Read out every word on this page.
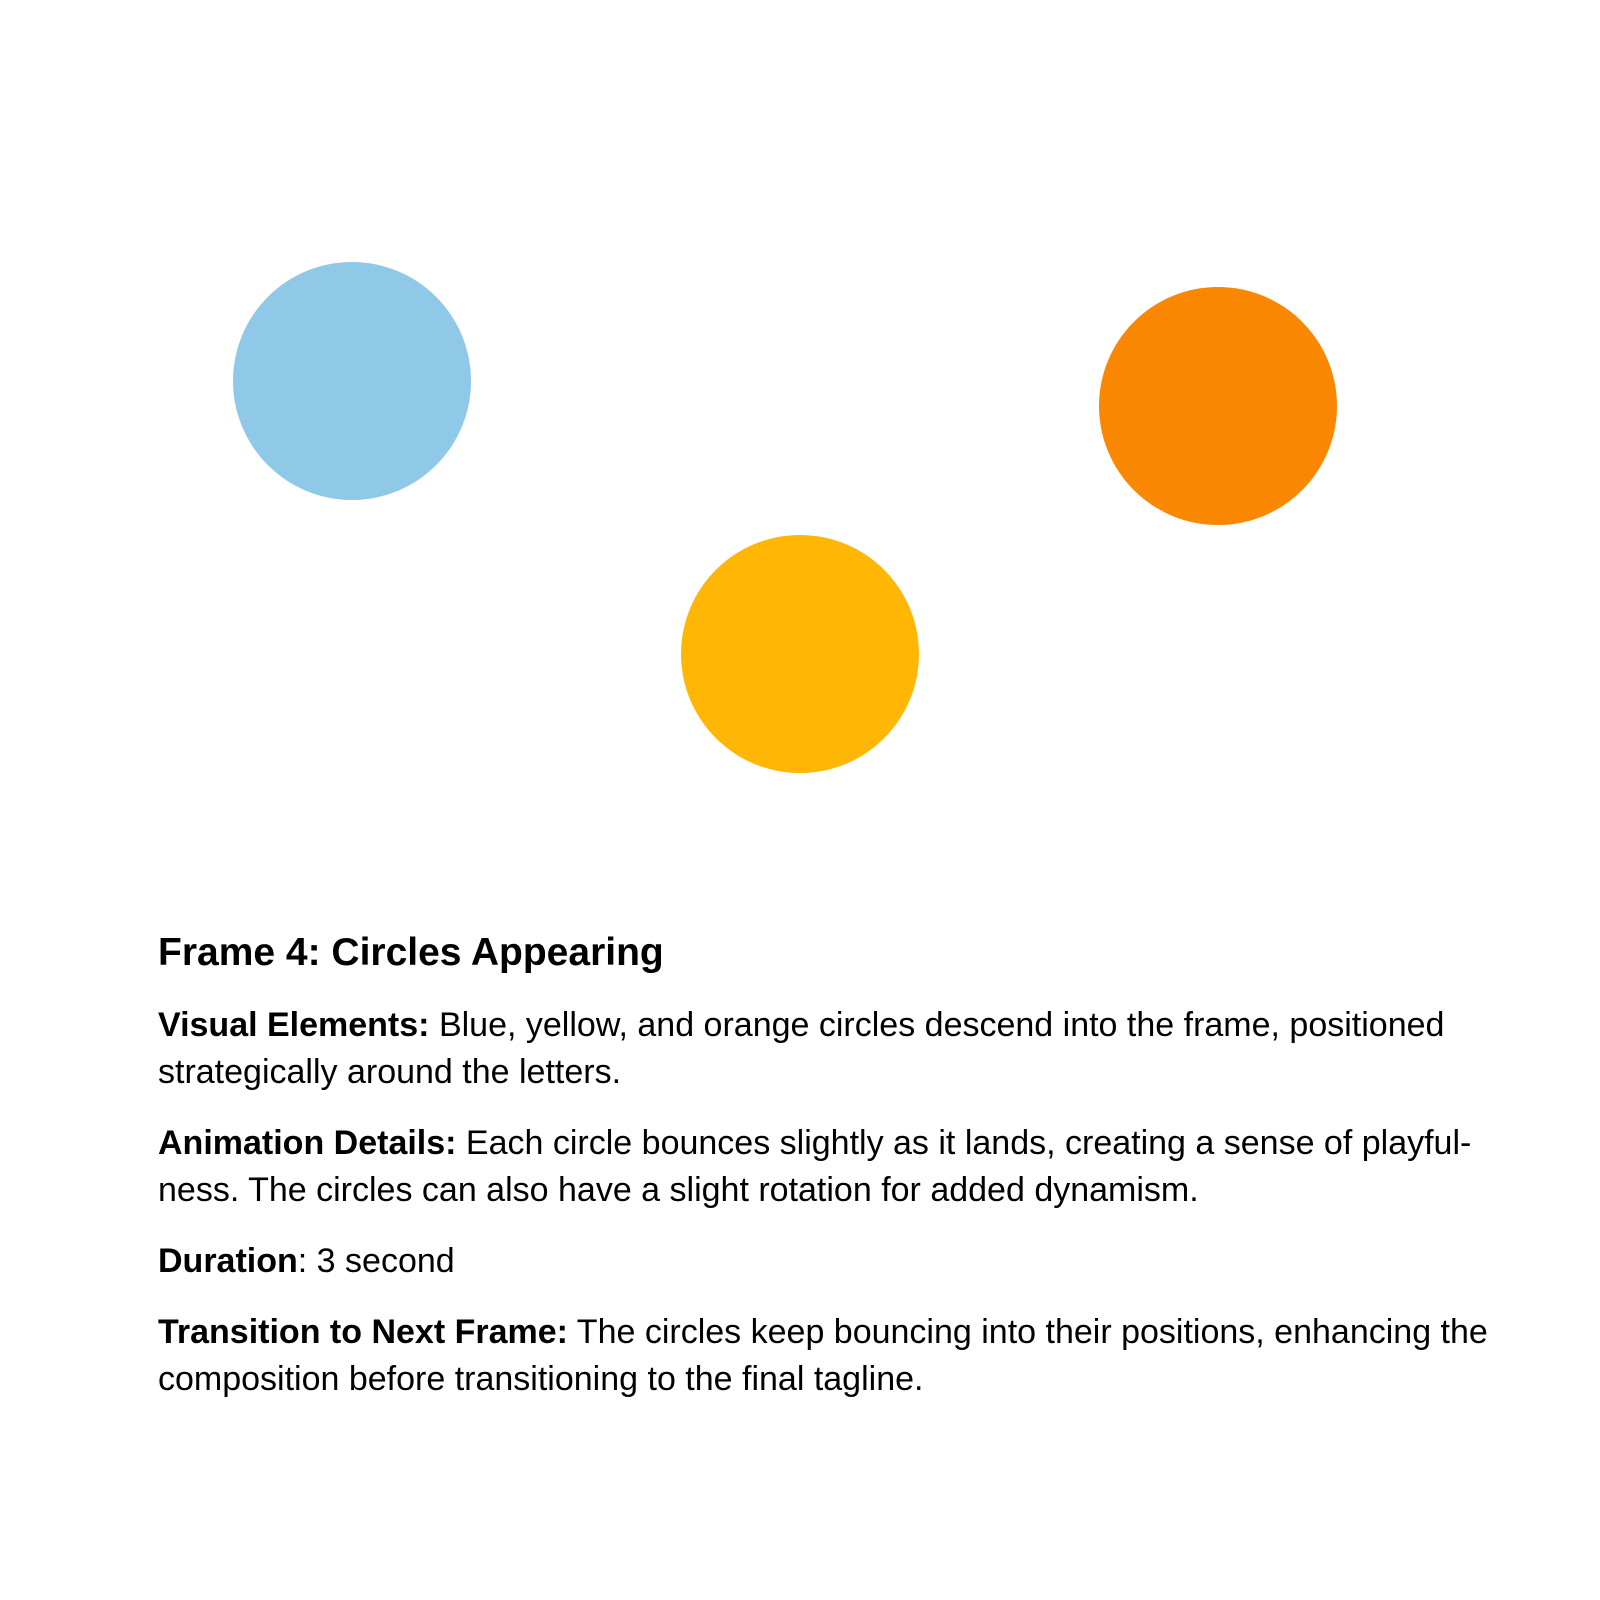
Frame 4: Circles Appearing

Visual Elements: Blue, yellow, and orange circles descend into the frame, positioned
strategically around the letters.

Animation Details: Each circle bounces slightly as it lands, creating a sense of playful-
ness. The circles can also have a slight rotation for added dynamism.

Duration: 3 second

Transition to Next Frame: The circles keep bouncing into their positions, enhancing the
composition before transitioning to the final tagline.
